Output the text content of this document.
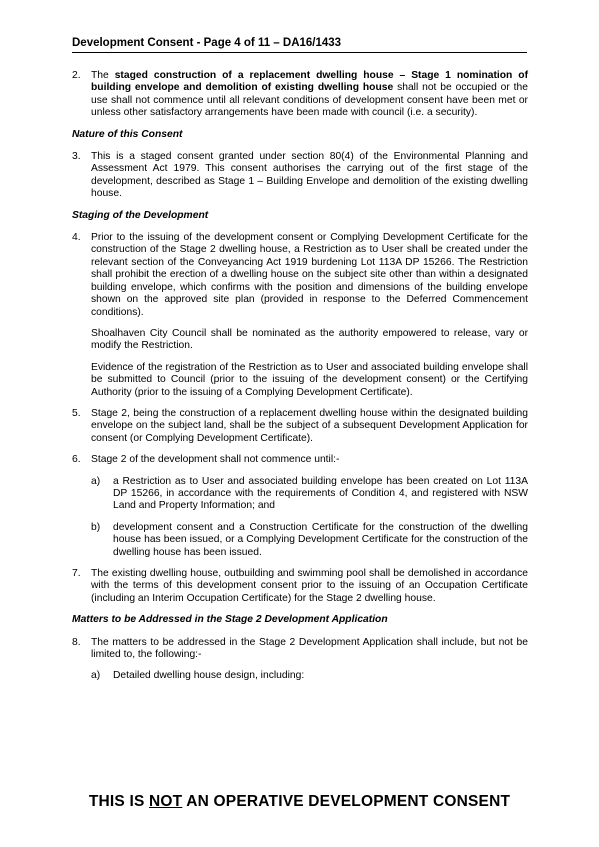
Development Consent - Page 4 of 11 – DA16/1433
2.	The staged construction of a replacement dwelling house – Stage 1 nomination of building envelope and demolition of existing dwelling house shall not be occupied or the use shall not commence until all relevant conditions of development consent have been met or unless other satisfactory arrangements have been made with council (i.e. a security).
Nature of this Consent
3.	This is a staged consent granted under section 80(4) of the Environmental Planning and Assessment Act 1979. This consent authorises the carrying out of the first stage of the development, described as Stage 1 – Building Envelope and demolition of the existing dwelling house.
Staging of the Development
4.	Prior to the issuing of the development consent or Complying Development Certificate for the construction of the Stage 2 dwelling house, a Restriction as to User shall be created under the relevant section of the Conveyancing Act 1919 burdening Lot 113A DP 15266. The Restriction shall prohibit the erection of a dwelling house on the subject site other than within a designated building envelope, which confirms with the position and dimensions of the building envelope shown on the approved site plan (provided in response to the Deferred Commencement conditions).
Shoalhaven City Council shall be nominated as the authority empowered to release, vary or modify the Restriction.
Evidence of the registration of the Restriction as to User and associated building envelope shall be submitted to Council (prior to the issuing of the development consent) or the Certifying Authority (prior to the issuing of a Complying Development Certificate).
5.	Stage 2, being the construction of a replacement dwelling house within the designated building envelope on the subject land, shall be the subject of a subsequent Development Application for consent (or Complying Development Certificate).
6.	Stage 2 of the development shall not commence until:-
a)	a Restriction as to User and associated building envelope has been created on Lot 113A DP 15266, in accordance with the requirements of Condition 4, and registered with NSW Land and Property Information; and
b)	development consent and a Construction Certificate for the construction of the dwelling house has been issued, or a Complying Development Certificate for the construction of the dwelling house has been issued.
7.	The existing dwelling house, outbuilding and swimming pool shall be demolished in accordance with the terms of this development consent prior to the issuing of an Occupation Certificate (including an Interim Occupation Certificate) for the Stage 2 dwelling house.
Matters to be Addressed in the Stage 2 Development Application
8.	The matters to be addressed in the Stage 2 Development Application shall include, but not be limited to, the following:-
a)	Detailed dwelling house design, including:
THIS IS NOT AN OPERATIVE DEVELOPMENT CONSENT
